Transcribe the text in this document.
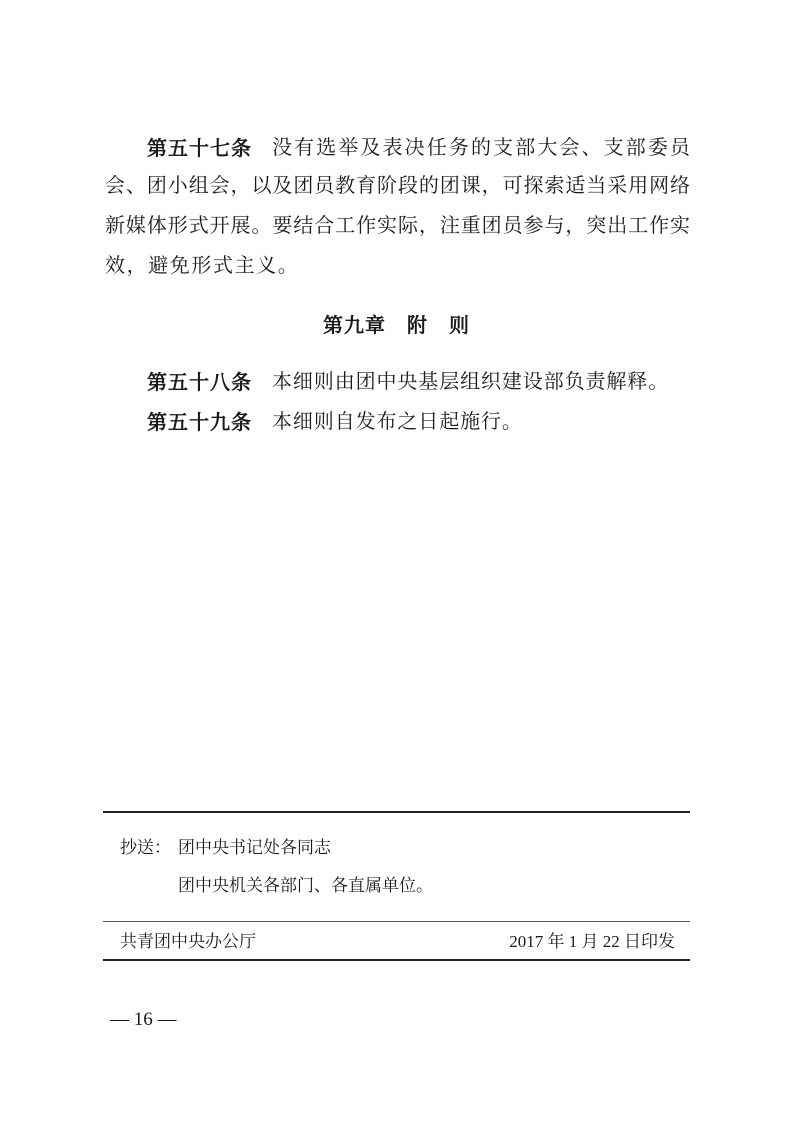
第五十七条	没有选举及表决任务的支部大会、支部委员
会、团小组会，以及团员教育阶段的团课，可探索适当采用网络
新媒体形式开展。要结合工作实际，注重团员参与，突出工作实
效，避免形式主义。
第九章　附　则
第五十八条	本细则由团中央基层组织建设部负责解释。
第五十九条	本细则自发布之日起施行。
抄送： 团中央书记处各同志
团中央机关各部门、各直属单位。
共青团中央办公厅	2017 年 1 月 22 日印发
— 16 —
